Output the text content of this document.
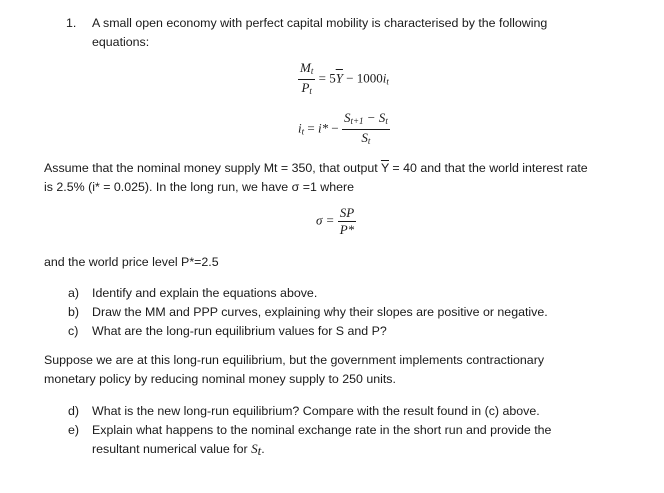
1. A small open economy with perfect capital mobility is characterised by the following
equations:
$\frac{M_t}{P_t} = 5\overline{Y} - 1000i_t$
$i_t = i* - \frac{S_{t+1} - S_t}{S_t}$
Assume that the nominal money supply Mt = 350, that output $\overline{Y} = 40$ and that the world interest rate
is 2.5% (i* = 0.025). In the long run, we have σ =1 where
$\sigma = \frac{SP}{P*}$
and the world price level P*=2.5
a) Identify and explain the equations above.
b) Draw the MM and PPP curves, explaining why their slopes are positive or negative.
c) What are the long-run equilibrium values for S and P?
Suppose we are at this long-run equilibrium, but the government implements contractionary
monetary policy by reducing nominal money supply to 250 units.
d) What is the new long-run equilibrium? Compare with the result found in (c) above.
e) Explain what happens to the nominal exchange rate in the short run and provide the
resultant numerical value for $S_t$.
